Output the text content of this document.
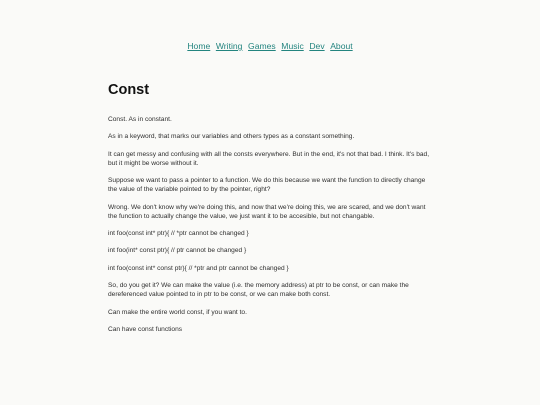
Home Writing Games Music Dev About
Const

Const. As in constant.

As in a keyword, that marks our variables and others types as a constant something.

It can get messy and confusing with all the consts everywhere. But in the end, it's not that bad. I think. It's bad, but it might be worse without it.

Suppose we want to pass a pointer to a function. We do this because we want the function to directly change the value of the variable pointed to by the pointer, right?

Wrong. We don't know why we're doing this, and now that we're doing this, we are scared, and we don't want the function to actually change the value, we just want it to be accesible, but not changable.

int foo(const int* ptr){ // *ptr cannot be changed }

int foo(int* const ptr){ // ptr cannot be changed }

int foo(const int* const ptr){ // *ptr and ptr cannot be changed }

So, do you get it? We can make the value (i.e. the memory address) at ptr to be const, or can make the dereferenced value pointed to in ptr to be const, or we can make both const.

Can make the entire world const, if you want to.

Can have const functions
